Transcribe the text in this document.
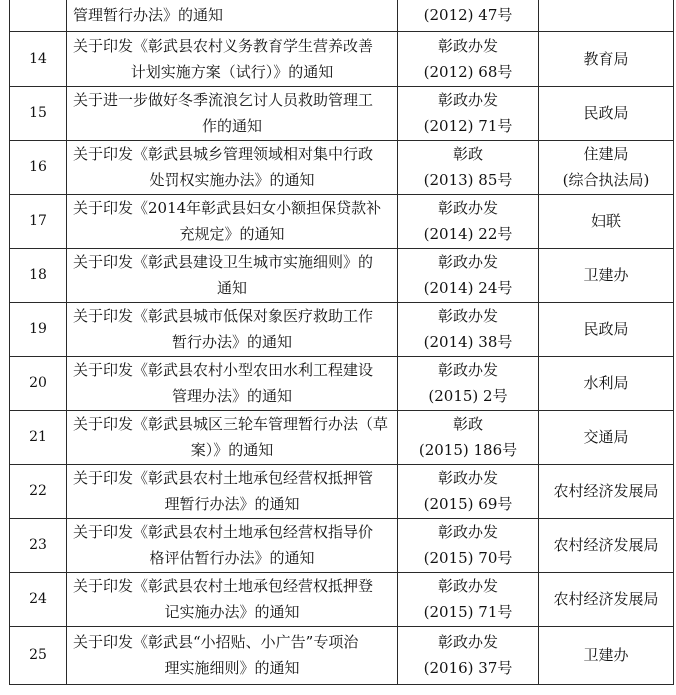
	管理暂行办法》的通知	(2012) 47号	

14	关于印发《彰武县农村义务教育学生营养改善
计划实施方案（试行）》的通知	彰政办发
(2012) 68号	教育局

15	关于进一步做好冬季流浪乞讨人员救助管理工
作的通知	彰政办发
(2012) 71号	民政局

16	关于印发《彰武县城乡管理领域相对集中行政
处罚权实施办法》的通知	彰政
(2013) 85号	住建局
(综合执法局)

17	关于印发《2014年彰武县妇女小额担保贷款补
充规定》的通知	彰政办发
(2014) 22号	妇联

18	关于印发《彰武县建设卫生城市实施细则》的
通知	彰政办发
(2014) 24号	卫建办

19	关于印发《彰武县城市低保对象医疗救助工作
暂行办法》的通知	彰政办发
(2014) 38号	民政局

20	关于印发《彰武县农村小型农田水利工程建设
管理办法》的通知	彰政办发
(2015) 2号	水利局

21	关于印发《彰武县城区三轮车管理暂行办法（草
案）》的通知	彰政
(2015) 186号	交通局

22	关于印发《彰武县农村土地承包经营权抵押管
理暂行办法》的通知	彰政办发
(2015) 69号	农村经济发展局

23	关于印发《彰武县农村土地承包经营权指导价
格评估暂行办法》的通知	彰政办发
(2015) 70号	农村经济发展局

24	关于印发《彰武县农村土地承包经营权抵押登
记实施办法》的通知	彰政办发
(2015) 71号	农村经济发展局

25	关于印发《彰武县“小招贴、小广告”专项治
理实施细则》的通知	彰政办发
(2016) 37号	卫建办
